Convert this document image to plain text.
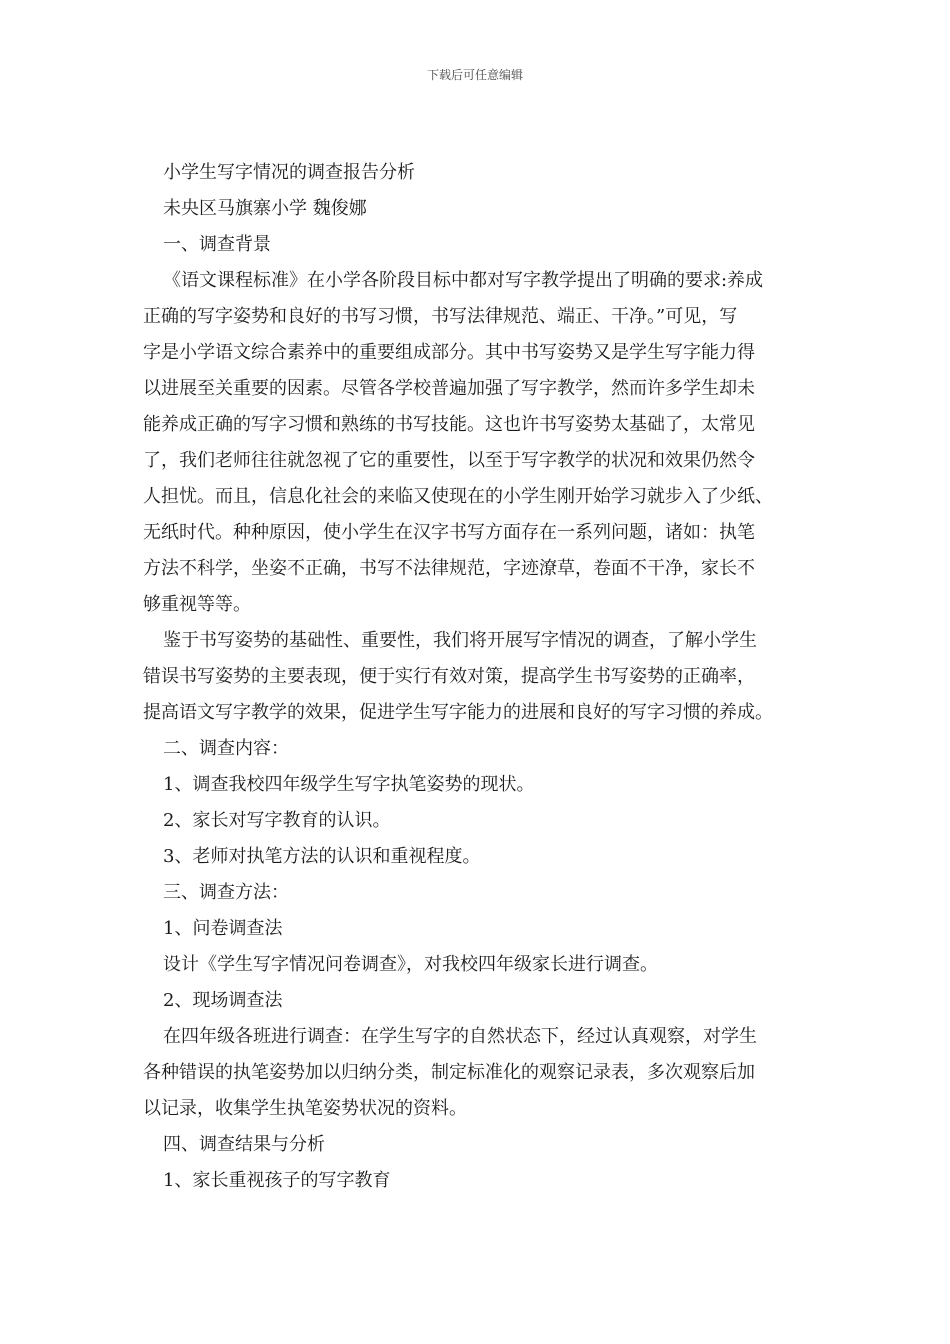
下载后可任意编辑

小学生写字情况的调查报告分析

未央区马旗寨小学 魏俊娜

一、调查背景

《语文课程标准》在小学各阶段目标中都对写字教学提出了明确的要求:养成

正确的写字姿势和良好的书写习惯，书写法律规范、端正、干净。”可见，写

字是小学语文综合素养中的重要组成部分。其中书写姿势又是学生写字能力得

以进展至关重要的因素。尽管各学校普遍加强了写字教学，然而许多学生却未

能养成正确的写字习惯和熟练的书写技能。这也许书写姿势太基础了，太常见

了，我们老师往往就忽视了它的重要性，以至于写字教学的状况和效果仍然令

人担忧。而且，信息化社会的来临又使现在的小学生刚开始学习就步入了少纸、

无纸时代。种种原因，使小学生在汉字书写方面存在一系列问题，诸如：执笔

方法不科学，坐姿不正确，书写不法律规范，字迹潦草，卷面不干净，家长不

够重视等等。

鉴于书写姿势的基础性、重要性，我们将开展写字情况的调查，了解小学生

错误书写姿势的主要表现，便于实行有效对策，提高学生书写姿势的正确率，

提高语文写字教学的效果，促进学生写字能力的进展和良好的写字习惯的养成。

二、调查内容：

1、调查我校四年级学生写字执笔姿势的现状。

2、家长对写字教育的认识。

3、老师对执笔方法的认识和重视程度。

三、调查方法：

1、问卷调查法

设计《学生写字情况问卷调查》，对我校四年级家长进行调查。

2、现场调查法

在四年级各班进行调查：在学生写字的自然状态下，经过认真观察，对学生

各种错误的执笔姿势加以归纳分类，制定标准化的观察记录表，多次观察后加

以记录，收集学生执笔姿势状况的资料。

四、调查结果与分析

1、家长重视孩子的写字教育
